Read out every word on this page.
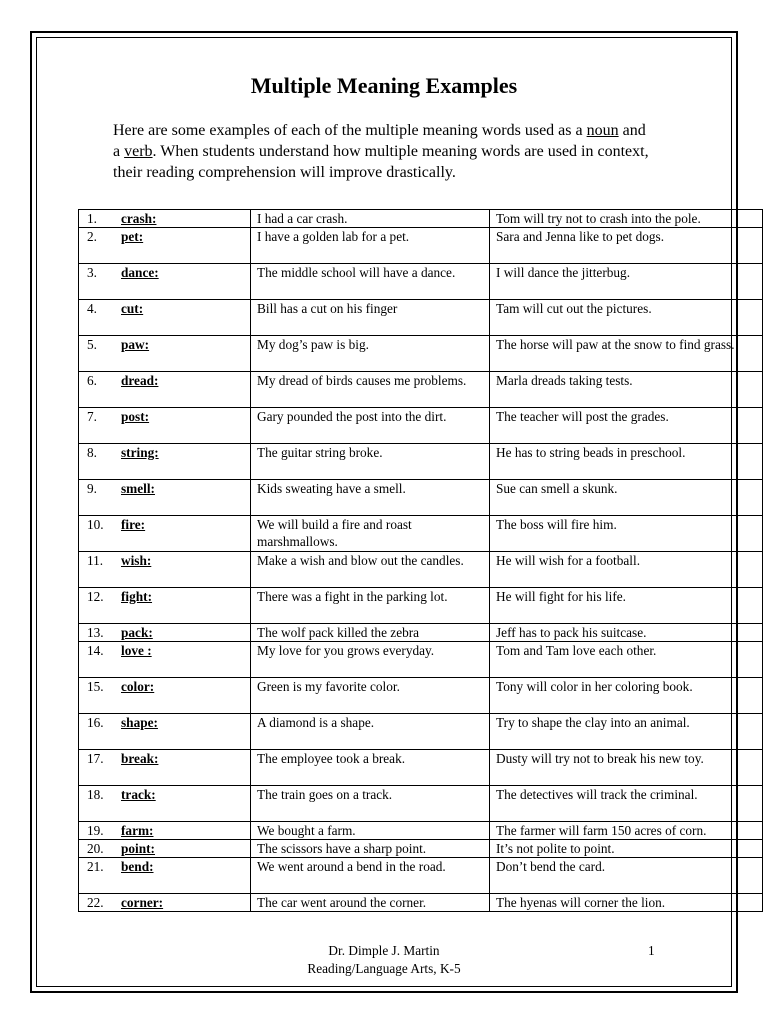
Multiple Meaning Examples

Here are some examples of each of the multiple meaning words used as a noun and a verb. When students understand how multiple meaning words are used in context, their reading comprehension will improve drastically.

1. crash:	I had a car crash.	Tom will try not to crash into the pole.
2. pet:	I have a golden lab for a pet.	Sara and Jenna like to pet dogs.
3. dance:	The middle school will have a dance.	I will dance the jitterbug.
4. cut:	Bill has a cut on his finger	Tam will cut out the pictures.
5. paw:	My dog’s paw is big.	The horse will paw at the snow to find grass.
6. dread:	My dread of birds causes me problems.	Marla dreads taking tests.
7. post:	Gary pounded the post into the dirt.	The teacher will post the grades.
8. string:	The guitar string broke.	He has to string beads in preschool.
9. smell:	Kids sweating have a smell.	Sue can smell a skunk.
10. fire:	We will build a fire and roast marshmallows.	The boss will fire him.
11. wish:	Make a wish and blow out the candles.	He will wish for a football.
12. fight:	There was a fight in the parking lot.	He will fight for his life.
13. pack:	The wolf pack killed the zebra	Jeff has to pack his suitcase.
14. love :	My love for you grows everyday.	Tom and Tam love each other.
15. color:	Green is my favorite color.	Tony will color in her coloring book.
16. shape:	A diamond is a shape.	Try to shape the clay into an animal.
17. break:	The employee took a break.	Dusty will try not to break his new toy.
18. track:	The train goes on a track.	The detectives will track the criminal.
19. farm:	We bought a farm.	The farmer will farm 150 acres of corn.
20. point:	The scissors have a sharp point.	It’s not polite to point.
21. bend:	We went around a bend in the road.	Don’t bend the card.
22. corner:	The car went around the corner.	The hyenas will corner the lion.
Dr. Dimple J. Martin
Reading/Language Arts, K-5
1
